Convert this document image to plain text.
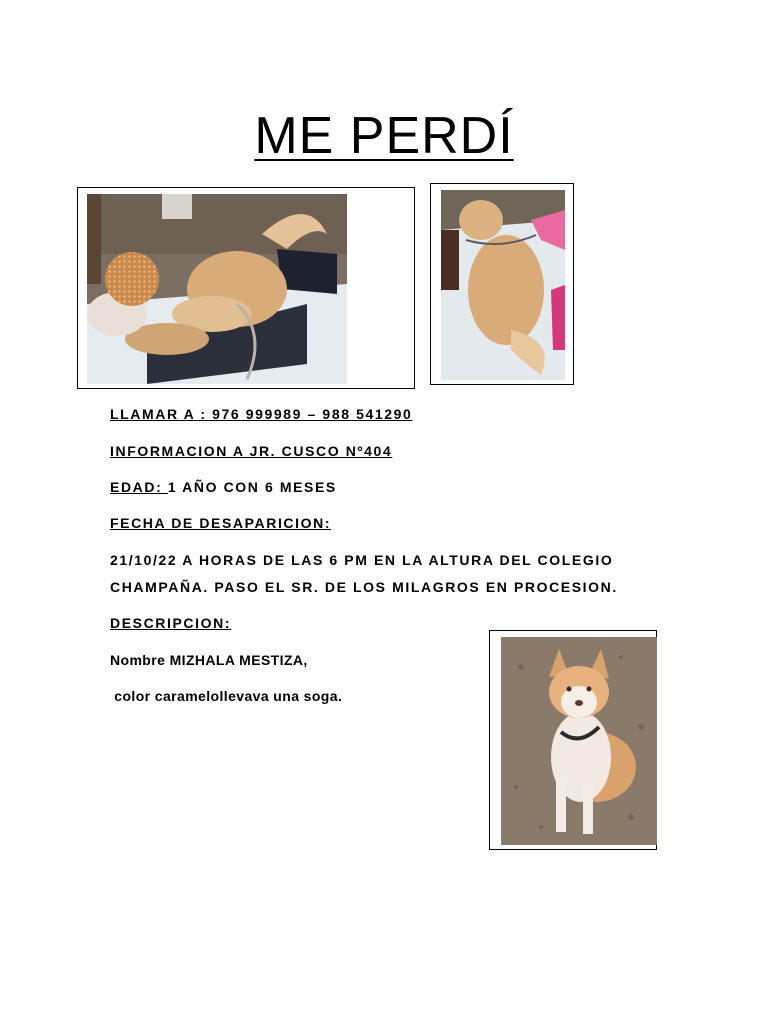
ME PERDÍ
LLAMAR A : 976 999989 – 988 541290
INFORMACION A JR. CUSCO Nº404
EDAD: 1 AÑO CON 6 MESES
FECHA DE DESAPARICION:
21/10/22 A HORAS DE LAS 6 PM EN LA ALTURA DEL COLEGIO
CHAMPAÑA. PASO EL SR. DE LOS MILAGROS EN PROCESION.
DESCRIPCION:
Nombre MIZHALA MESTIZA,
color caramelollevava una soga.
